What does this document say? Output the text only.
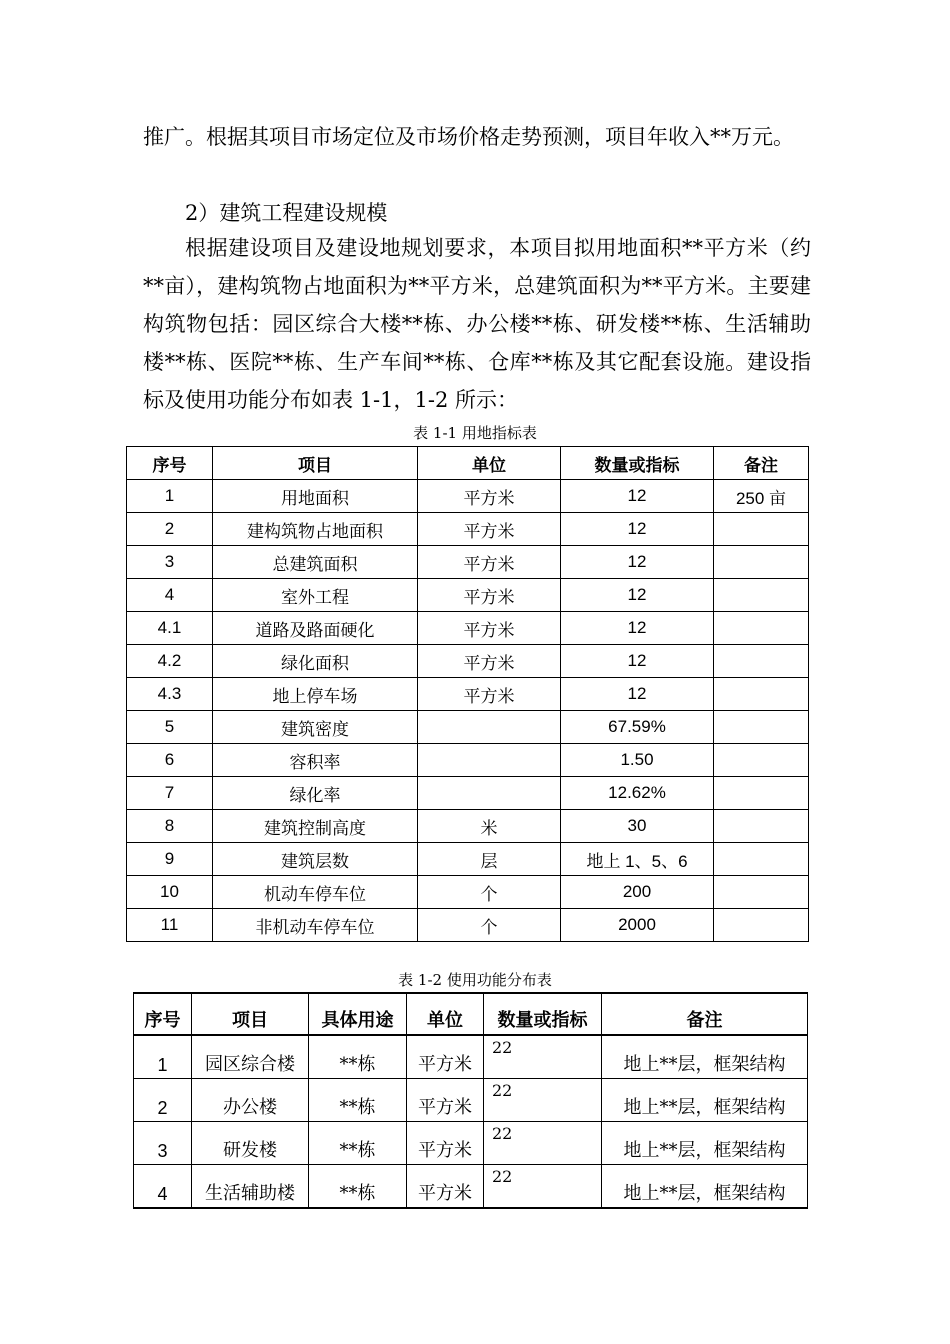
推广。根据其项目市场定位及市场价格走势预测，项目年收入**万元。

2）建筑工程建设规模

根据建设项目及建设地规划要求，本项目拟用地面积**平方米（约**亩），建构筑物占地面积为**平方米，总建筑面积为**平方米。主要建构筑物包括：园区综合大楼**栋、办公楼**栋、研发楼**栋、生活辅助楼**栋、医院**栋、生产车间**栋、仓库**栋及其它配套设施。建设指标及使用功能分布如表 1-1，1-2 所示：

表 1-1 用地指标表
序号	项目	单位	数量或指标	备注
1	用地面积	平方米	12	250 亩
2	建构筑物占地面积	平方米	12	
3	总建筑面积	平方米	12	
4	室外工程	平方米	12	
4.1	道路及路面硬化	平方米	12	
4.2	绿化面积	平方米	12	
4.3	地上停车场	平方米	12	
5	建筑密度		67.59%	
6	容积率		1.50	
7	绿化率		12.62%	
8	建筑控制高度	米	30	
9	建筑层数	层	地上 1、5、6	
10	机动车停车位	个	200	
11	非机动车停车位	个	2000	
表 1-2 使用功能分布表
序号	项目	具体用途	单位	数量或指标	备注
1	园区综合楼	**栋	平方米	22	地上**层，框架结构
2	办公楼	**栋	平方米	22	地上**层，框架结构
3	研发楼	**栋	平方米	22	地上**层，框架结构
4	生活辅助楼	**栋	平方米	22	地上**层，框架结构
